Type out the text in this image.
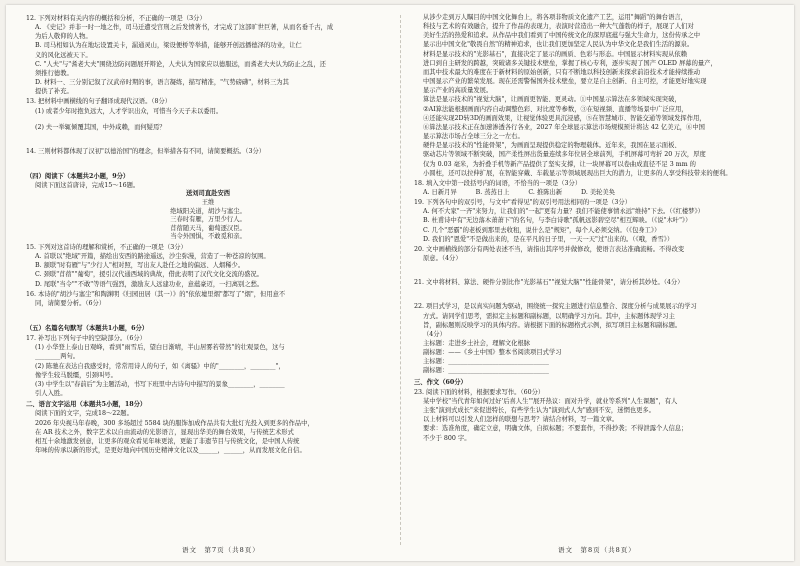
12. 下列对材料有关内容的概括和分析，不正确的一项是（3分）

A. 《史记》并非一时一地之作，司马迁遭受宫刑之后发愤著书，才完成了这部旷世巨著，从而名垂千古，成

为后人敬仰的人物。

B. 司马相如认为在地坛设置关卡，漏通灵山，梁设便桥等举措，能够开创远播德泽的功业，让仁

义的风化远被天下。

C. "人夫"与"耆老大夫"围绕边防问题展开辩论，人夫认为国家应以德服远，而耆老大夫认为防止之乱，还

须推行德教。

D. 材料一、三分别记叙了汉武帝时期的事，语言凝练，描写精准，"气势磅礴"，材料三为其

提供了补充。

13. 把材料中画横线的句子翻译成现代汉语。（8分）

(1) 或者少年时抱负远大，人才学识出众，可惜当今天子未以委用。

(2) 夫一举辄倾覆其国，中外咸赖，而何疑焉？

14. 三则材料都体现了汉初"以德治国"的理念，但举措各有不同，请简要概括。（3分）

（四）阅读下（本题共2小题，9分）

阅读下面这首唐诗，完成15～16题。

送刘司直赴安西

王维

绝域阳关道，胡沙与塞尘。

三春时有雁，万里少行人。

苜蓿随天马，葡萄逐汉臣。

当令外国惧，不敢觅和亲。

15. 下列对这首诗的理解和赏析，不正确的一项是（3分）

A. 首联以"绝域"开篇，描绘出安西的路途遥远，沙尘弥漫，营造了一种苍凉的氛围。

B. 颔联"时有雁"与"少行人"相对照，写出友人赴任之地的偏远、人烟稀少。

C. 颈联"苜蓿""葡萄"，援引汉代通西域的典故，借此表明了汉代文化交流的盛况。

D. 尾联"当令""不敢"等语气强烈，激励友人远建功业，意蕴豪迈，一扫离别之愁。

16. 本诗的"胡沙与塞尘"和陶渊明《归园田居（其一）》的"依依墟里烟"都写了"烟"，但用意不

同，请简要分析。（6分）

（五）名篇名句默写（本题共1小题，6分）

17. 补写出下列句子中的空缺部分。（6分）

(1) 小华登上泰山日观峰，看到"雨雪后，望白日渐晴，半山居雾若带然"的壮观景色，这与

________两句。

(2) 陈驰在表达自我感受时，常常用诗人的句子，如《离骚》中的"________，________"，

像学生较马脱缰，引颈叫号。

(3) 中学生以"春前后"为主题活动，书写下班里中古诗句中描写的景象________，________

引人入胜。

二、语言文字运用（本题共5小题，18分）

阅读下面的文字，完成18～22题。

2026 年央视马年春晚，300 多场超过 5584 块的服饰加成作品共有大批灯光投入到更多的作品中，

在 AR 技术之外，数字艺术以自由流动的光影语言，显现出华美的舞台效果，与传统艺术形式

相互十余地激发创意，让更多的观众看见年味更浓，更能了非遗节目与传统文化，是中国人传统

年味的传承以新的形式，是更好地向中国历史精神文化以及______，______，从而发展文化自信。

从涉少走到万人瞩目的中国文化舞台上，将各项非物质文化遗产工艺，运用"舞蹈"的舞台语言，

科技与艺术的有效融合，提升了作品的表现力，表演时营造出一种大气蓬勃的样子，展现了人们对

美好生活的热爱和追求。从作品中我们看到了中国传统文化的深厚底蕴与强大生命力，这份传承之中

显示出中国文化"敬畏自然"的精神追求，也让我们更加坚定人民认为中华文化是我们生活的源泉。

材料是显示技术的"光影基石"，直接决定了显示的画质、色彩与形态。中国显示材料实现从依赖

进口到自主研发的跨越，突破诸多关键技术壁垒，掌握了核心专利，逐步实现了国产 OLED 屏幕的量产，

而其中技术最大的难度在于新材料的原始创新，只有不断地以科技创新来探求前沿技术才能持续推动

中国显示产业的繁荣发展。现在还需警惕国外技术壁垒，要立足自主创新、自主可控，才能更好地实现

显示产业的高质量发展。

算法是显示技术的"视觉大脑"，让画面更智能、更灵动。①中国显示算法在多领域实现突破，

②AI算法能根据画面内容自动调整色彩、对比度等参数，③在短视频、直播等场景中广泛应用，

④还能实现2D转3D的画面效果，让视觉体验更具沉浸感，⑤在智慧城市、智能交通等领域发挥作用，

⑥算法显示技术正在加速渗透各行各业，2027 年全球显示算法市场规模预计将达 42 亿美元，⑥中国

显示算法市场占全球三分之一左右。

硬件是显示技术的"性能骨架"，为画面呈现提供稳定的物理载体。近年来，我国在显示面板、

驱动芯片等领域不断突破，国产柔性屏出货量连续多年位居全球前列，手机屏幕可弯折 20 万次，厚度

仅为 0.03 毫米，为折叠手机等新产品提供了坚实支撑，让一块屏幕可以卷曲成直径不足 3 mm 的

小圆柱，还可以拉伸扩展，在智能穿戴、车载显示等领域展现出巨大的潜力，让更多的人享受科技带来的便利。

18. 填入文中第一段括号内的词语，不恰当的一项是（3分）

A. 日新月异　　　B. 蒸蒸日上　　　C. 推陈出新　　　D. 美轮美奂

19. 下列各句中的双引号，与文中"看得见"的双引号用法相同的一项是（3分）

A. 何不大家"一齐"来努力，让我们的"一起"更有力量？我们不能使事情永远"维持"下去。（《红楼梦》）

B. 杜甫诗中有"无边落木萧萧下"的名句，与李白诗歌"孤帆远影碧空尽"相互辉映。（《说"木叶"》）

C. 几个"恶霸"的老板到那里去收租，说什么是"规矩"，每个人必须交纳。（《包身工》）

D. 我们的"恩爱"不是做出来的，是在平凡的日子里，一天一天"过"出来的。（《哦，香雪》）

20. 文中画横线的部分有两处表述不当，请指出其序号并做修改，使语言表达准确流畅。不得改变

原意。（4分）

21. 文中将材料、算法、硬件分别比作"光影基石""视觉大脑""性能骨架"，请分析其妙处。（4分）

22. 项目式学习，是以真实问题为驱动，围绕统一探究主题进行信息整合、深度分析与成果展示的学习

方式。请同学们思考，需拟定主标题和副标题，以明确学习方向。其中，主标题体现学习主

旨，副标题则反映学习的具体内容。请根据下面的标题格式示例，拟写项目主标题和副标题。

（4分）

主标题：走进乡土社会，理解文化根脉

副标题：——《乡土中国》整本书阅读项目式学习

主标题：________________________________

副标题：________________________________

三、作文（60分）

23. 阅读下面的材料，根据要求写作。（60分）

某中学校"当代青年如何过好'后喜人生'"展开热议：面对升学，就业等系列"人生课题"，有人

主张"演到式成长"来促进特长，有些学生认为"演到式人为"感到不安，迷惘也更多。

以上材料可以引发人们怎样的联想与思考？请结合材料，写一篇文章。

要求：选准角度，确定立意，明确文体，自拟标题；不要套作，不得抄袭；不得泄露个人信息；

不少于 800 字。

语文　第7页（共8页）	语文　第8页（共8页）
